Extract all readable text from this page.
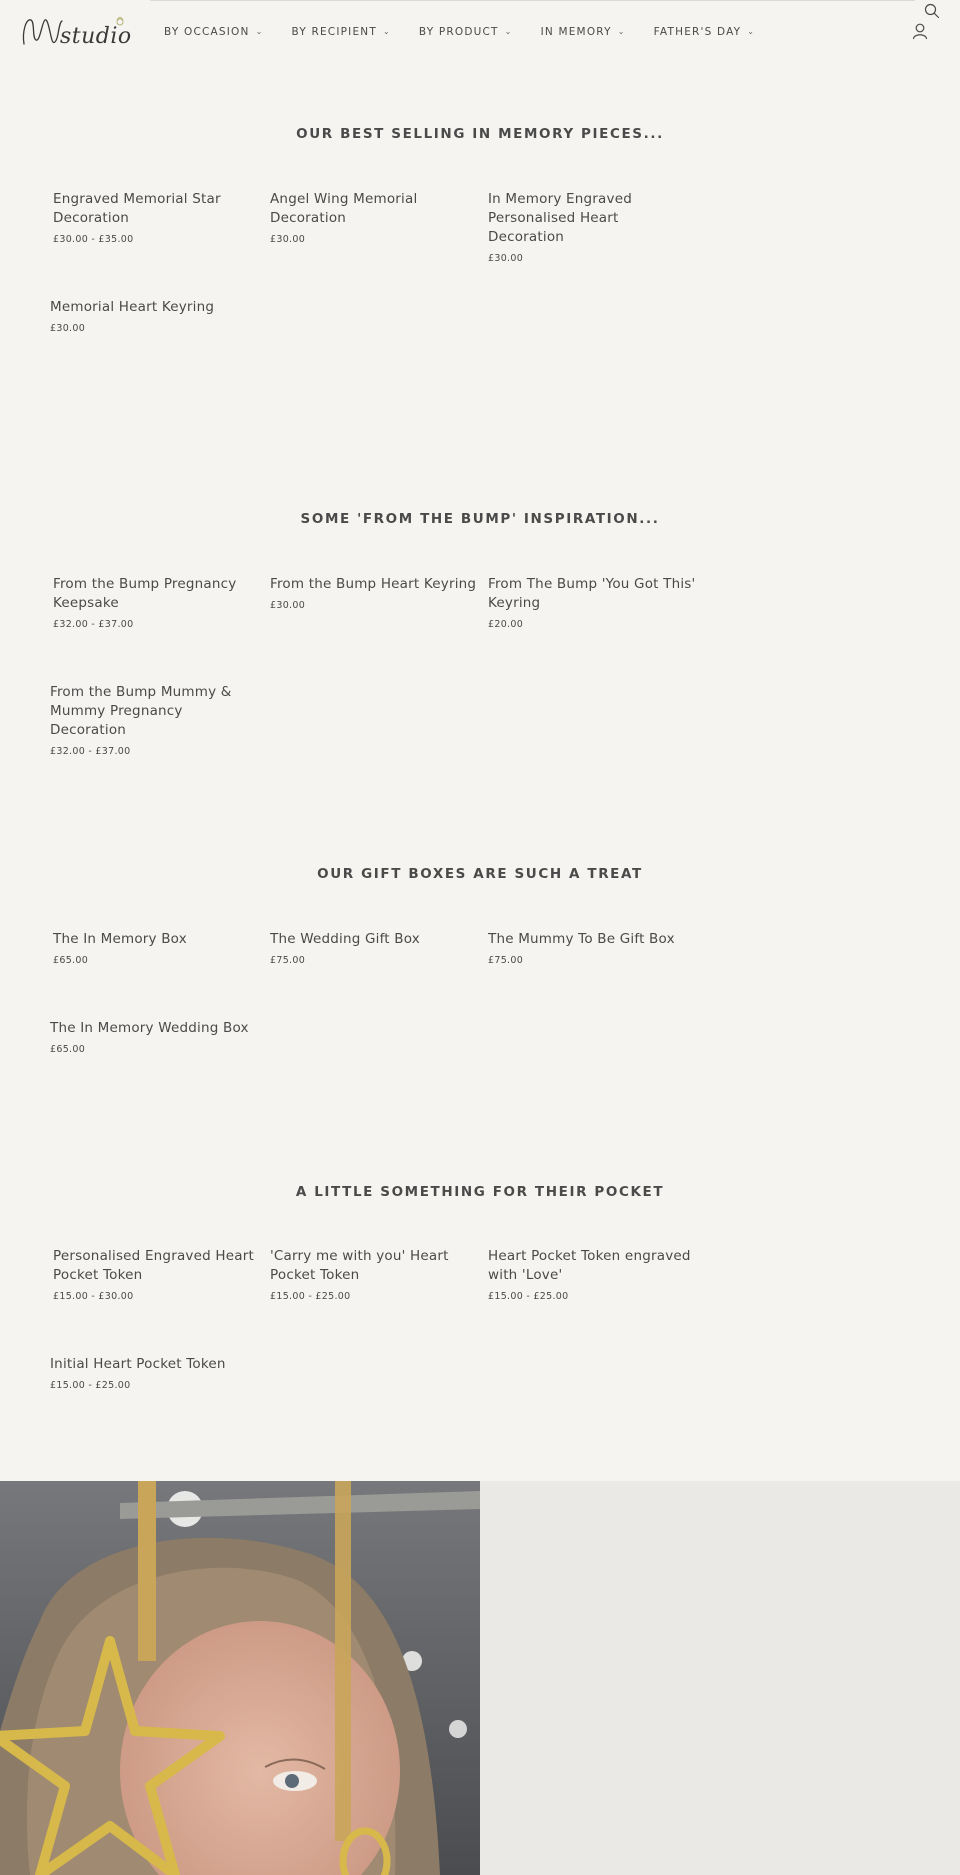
studio	BY OCCASION ⌄	BY RECIPIENT ⌄	BY PRODUCT ⌄	IN MEMORY ⌄	FATHER'S DAY ⌄
OUR BEST SELLING IN MEMORY PIECES...
Engraved Memorial Star Decoration
£30.00 - £35.00
Angel Wing Memorial Decoration
£30.00
In Memory Engraved Personalised Heart Decoration
£30.00
Memorial Heart Keyring
£30.00
SOME 'FROM THE BUMP' INSPIRATION...
From the Bump Pregnancy Keepsake
£32.00 - £37.00
From the Bump Heart Keyring
£30.00
From The Bump 'You Got This' Keyring
£20.00
From the Bump Mummy & Mummy Pregnancy Decoration
£32.00 - £37.00
OUR GIFT BOXES ARE SUCH A TREAT
The In Memory Box
£65.00
The Wedding Gift Box
£75.00
The Mummy To Be Gift Box
£75.00
The In Memory Wedding Box
£65.00
A LITTLE SOMETHING FOR THEIR POCKET
Personalised Engraved Heart Pocket Token
£15.00 - £30.00
'Carry me with you' Heart Pocket Token
£15.00 - £25.00
Heart Pocket Token engraved with 'Love'
£15.00 - £25.00
Initial Heart Pocket Token
£15.00 - £25.00
